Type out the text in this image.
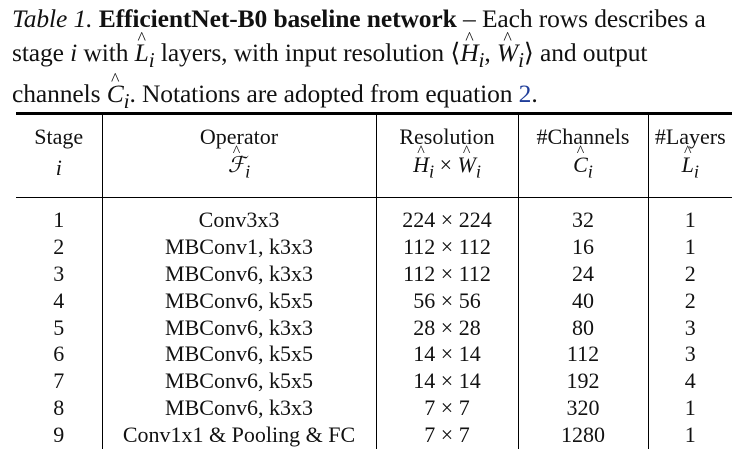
Table 1. EfficientNet-B0 baseline network – Each rows describes a stage i with ^ $L_i$ layers, with input resolution ⟨^ $H_i$, ^ $W_i⟩$ and output channels ^ $C_i$. Notations are adopted from equation 2.
Stage	Operator	Resolution	#Channels	#Layers
i	^ ℱ$_i$	^ $H_i$ × ^ $W_i$	^ $C_i$	^ $L_i$
1	Conv3x3	224 × 224	32	1
2	MBConv1, k3x3	112 × 112	16	1
3	MBConv6, k3x3	112 × 112	24	2
4	MBConv6, k5x5	56 × 56	40	2
5	MBConv6, k3x3	28 × 28	80	3
6	MBConv6, k5x5	14 × 14	112	3
7	MBConv6, k5x5	14 × 14	192	4
8	MBConv6, k3x3	7 × 7	320	1
9	Conv1x1 & Pooling & FC	7 × 7	1280	1
